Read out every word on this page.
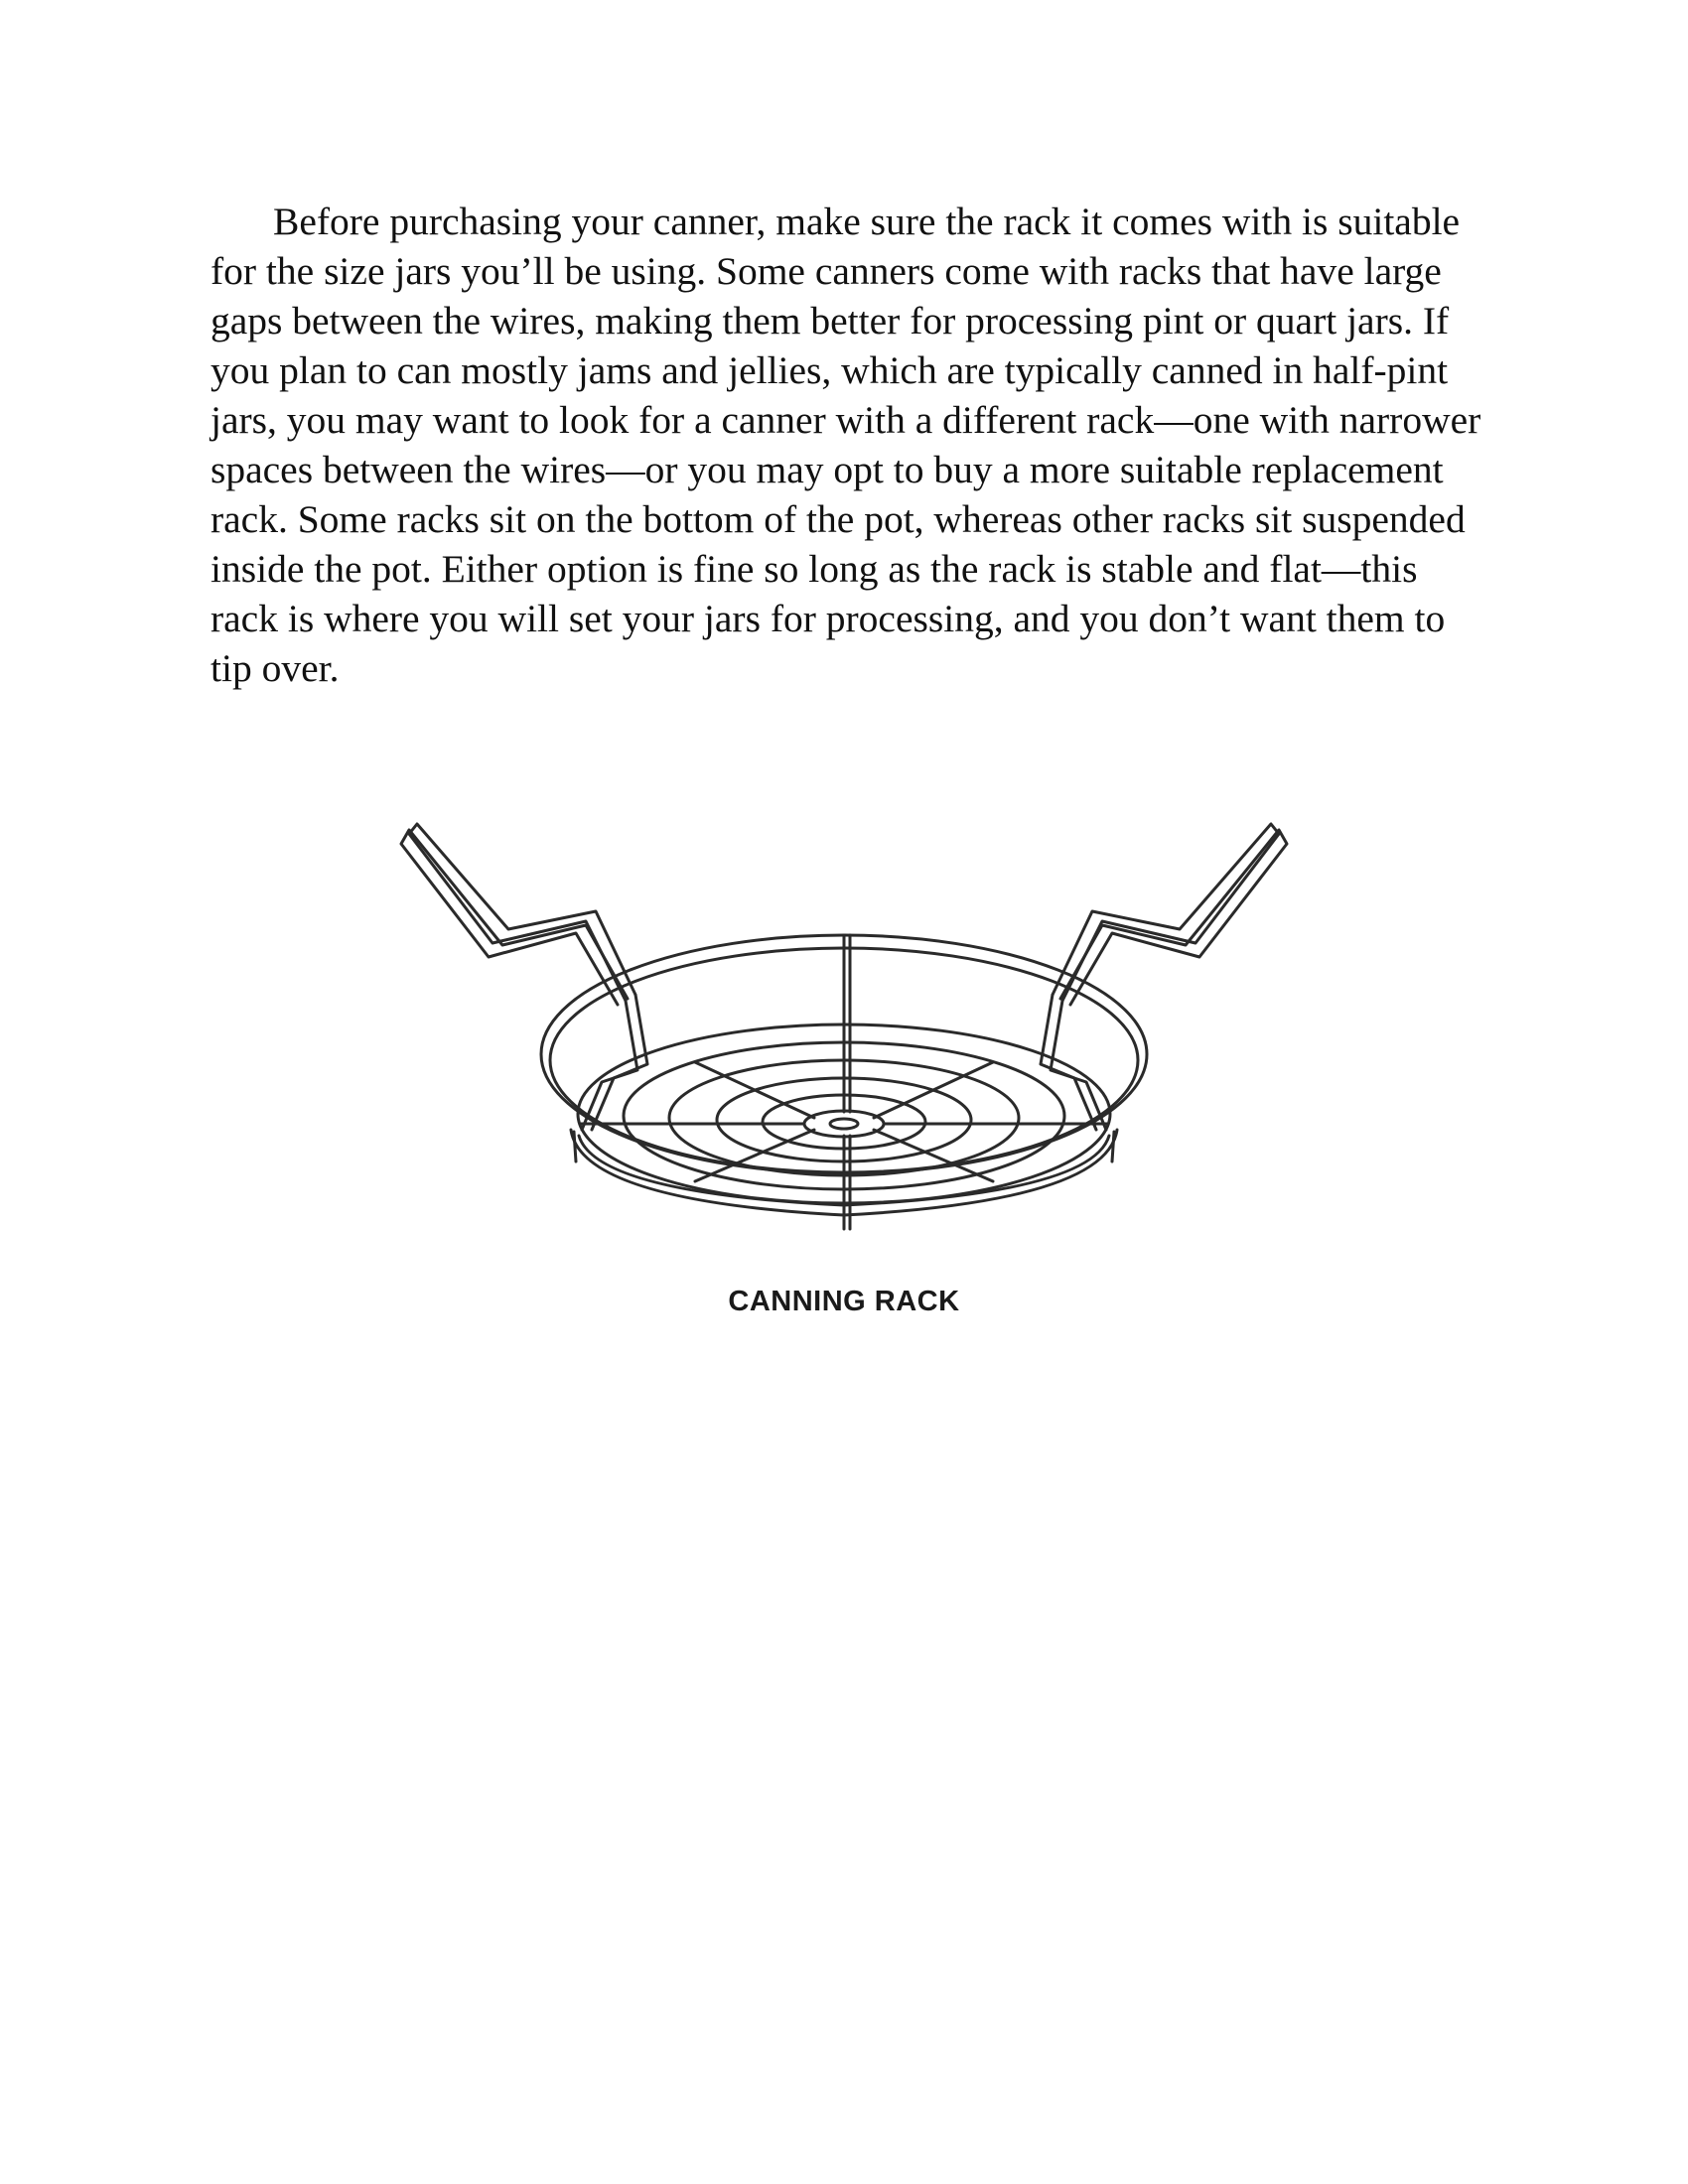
Before purchasing your canner, make sure the rack it comes with is suitable for the size jars you’ll be using. Some canners come with racks that have large gaps between the wires, making them better for processing pint or quart jars. If you plan to can mostly jams and jellies, which are typically canned in half-pint jars, you may want to look for a canner with a different rack—one with narrower spaces between the wires—or you may opt to buy a more suitable replacement rack. Some racks sit on the bottom of the pot, whereas other racks sit suspended inside the pot. Either option is fine so long as the rack is stable and flat—this rack is where you will set your jars for processing, and you don’t want them to tip over.

CANNING RACK
